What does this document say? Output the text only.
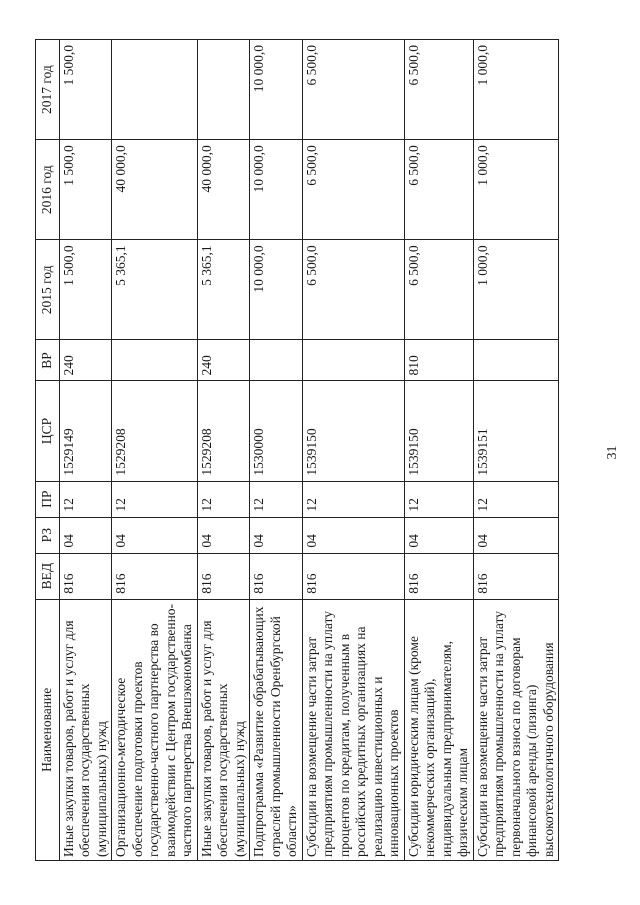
Наименование	ВЕД	РЗ	ПР	ЦСР	ВР	2015 год	2016 год	2017 год
Иные закупки товаров, работ и услуг для обеспечения государственных (муниципальных) нужд	816	04	12	1529149	240	1 500,0	1 500,0	1 500,0
Организационно-методическое обеспечение подготовки проектов государственно-частного партнерства во взаимодействии с Центром государственно-частного партнерства Внешэкономбанка	816	04	12	1529208		5 365,1	40 000,0	
Иные закупки товаров, работ и услуг для обеспечения государственных (муниципальных) нужд	816	04	12	1529208	240	5 365,1	40 000,0	
Подпрограмма «Развитие обрабатывающих отраслей промышленности Оренбургской области»	816	04	12	1530000		10 000,0	10 000,0	10 000,0
Субсидии на возмещение части затрат предприятиям промышленности на уплату процентов по кредитам, полученным в российских кредитных организациях на реализацию инвестиционных и инновационных проектов	816	04	12	1539150		6 500,0	6 500,0	6 500,0
Субсидии юридическим лицам (кроме некоммерческих организаций), индивидуальным предпринимателям, физическим лицам	816	04	12	1539150	810	6 500,0	6 500,0	6 500,0
Субсидии на возмещение части затрат предприятиям промышленности на уплату первоначального взноса по договорам финансовой аренды (лизинга) высокотехнологичного оборудования	816	04	12	1539151		1 000,0	1 000,0	1 000,0
31
